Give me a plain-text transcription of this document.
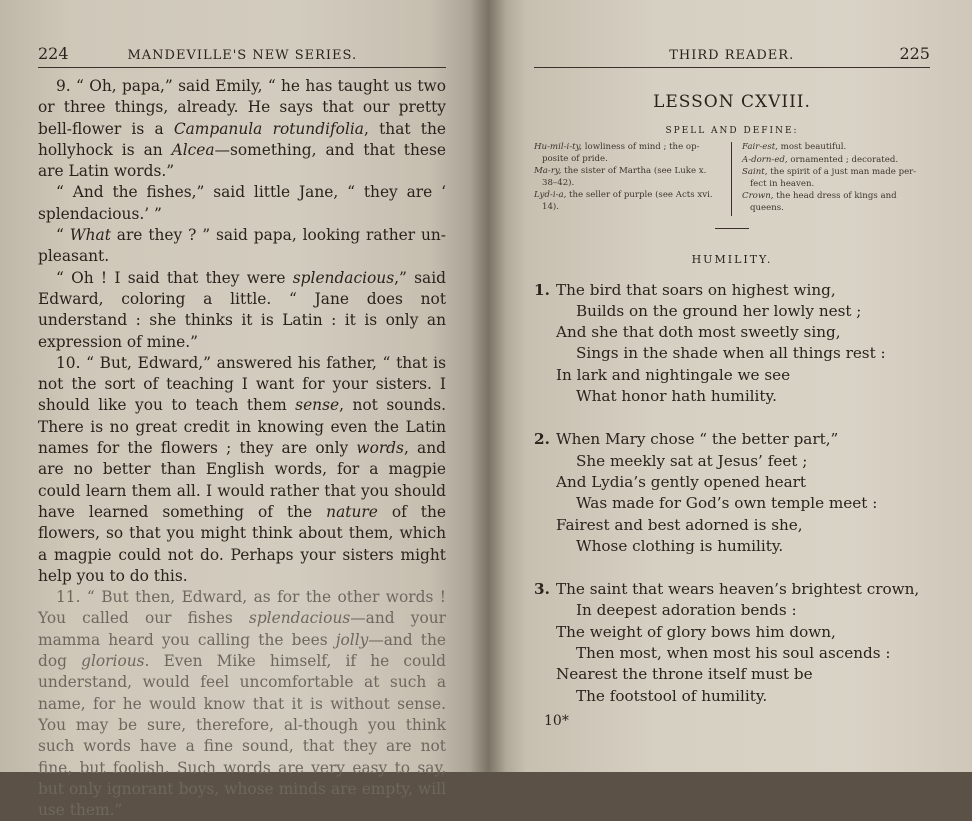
224	MANDEVILLE'S NEW SERIES.

9. “ Oh, papa,” said Emily, “ he has taught us two or three things, already. He says that our pretty bell-flower is a Campanula rotundifolia, that the hollyhock is an Alcea—something, and that these are Latin words.”

“ And the fishes,” said little Jane, “ they are ‘ splendacious.’ ”

“ What are they ? ” said papa, looking rather un-pleasant.

“ Oh ! I said that they were splendacious,” said Edward, coloring a little. “ Jane does not understand : she thinks it is Latin : it is only an expression of mine.”

10. “ But, Edward,” answered his father, “ that is not the sort of teaching I want for your sisters. I should like you to teach them sense, not sounds. There is no great credit in knowing even the Latin names for the flowers ; they are only words, and are no better than English words, for a magpie could learn them all. I would rather that you should have learned something of the nature of the flowers, so that you might think about them, which a magpie could not do. Perhaps your sisters might help you to do this.

11. “ But then, Edward, as for the other words ! You called our fishes splendacious—and your mamma heard you calling the bees jolly—and the dog glorious. Even Mike himself, if he could understand, would feel uncomfortable at such a name, for he would know that it is without sense. You may be sure, therefore, al-though you think such words have a fine sound, that they are not fine, but foolish. Such words are very easy to say, but only ignorant boys, whose minds are empty, will use them.”

THIRD READER.	225
LESSON CXVIII.
SPELL AND DEFINE:
Hu-mil-i-ty, lowliness of mind ; the op-posite of pride.
Ma-ry, the sister of Martha (see Luke x. 38–42).
Lyd-i-a, the seller of purple (see Acts xvi. 14).
Fair-est, most beautiful.
A-dorn-ed, ornamented ; decorated.
Saint, the spirit of a just man made per-fect in heaven.
Crown, the head dress of kings and queens.
HUMILITY.
1. The bird that soars on highest wing,
Builds on the ground her lowly nest ;
And she that doth most sweetly sing,
Sings in the shade when all things rest :
In lark and nightingale we see
What honor hath humility.
2. When Mary chose “ the better part,”
She meekly sat at Jesus’ feet ;
And Lydia’s gently opened heart
Was made for God’s own temple meet :
Fairest and best adorned is she,
Whose clothing is humility.
3. The saint that wears heaven’s brightest crown,
In deepest adoration bends :
The weight of glory bows him down,
Then most, when most his soul ascends :
Nearest the throne itself must be
The footstool of humility.
10*
